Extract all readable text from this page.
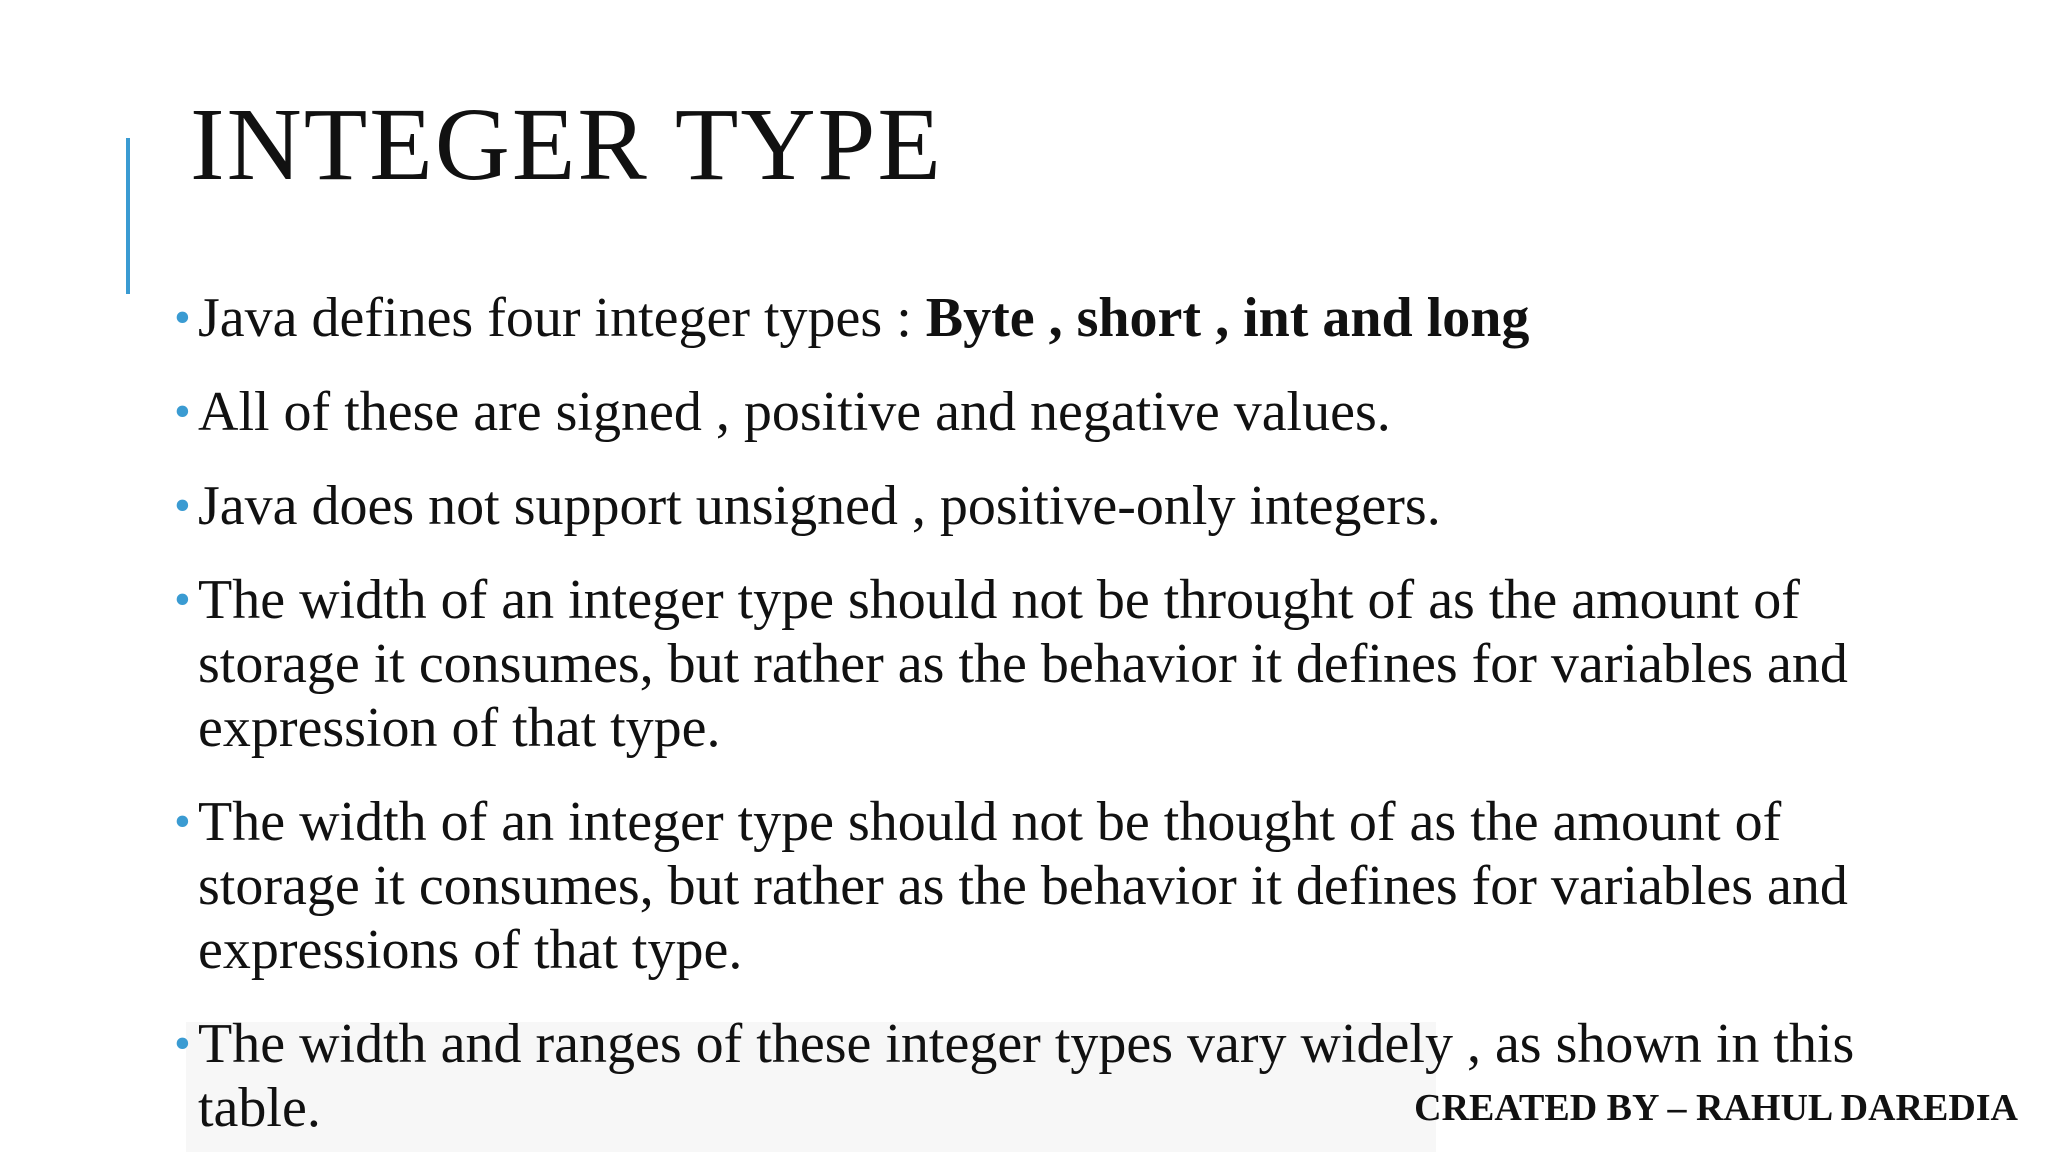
INTEGER TYPE
• Java defines four integer types : Byte , short , int and long
• All of these are signed , positive and negative values.
• Java does not support unsigned , positive-only integers.
• The width of an integer type should not be throught of as the amount of storage it consumes, but rather as the behavior it defines for variables and expression of that type.
• The width of an integer type should not be thought of as the amount of storage it consumes, but rather as the behavior it defines for variables and expressions of that type.
• The width and ranges of these integer types vary widely , as shown in this table.	CREATED BY – RAHUL DAREDIA
